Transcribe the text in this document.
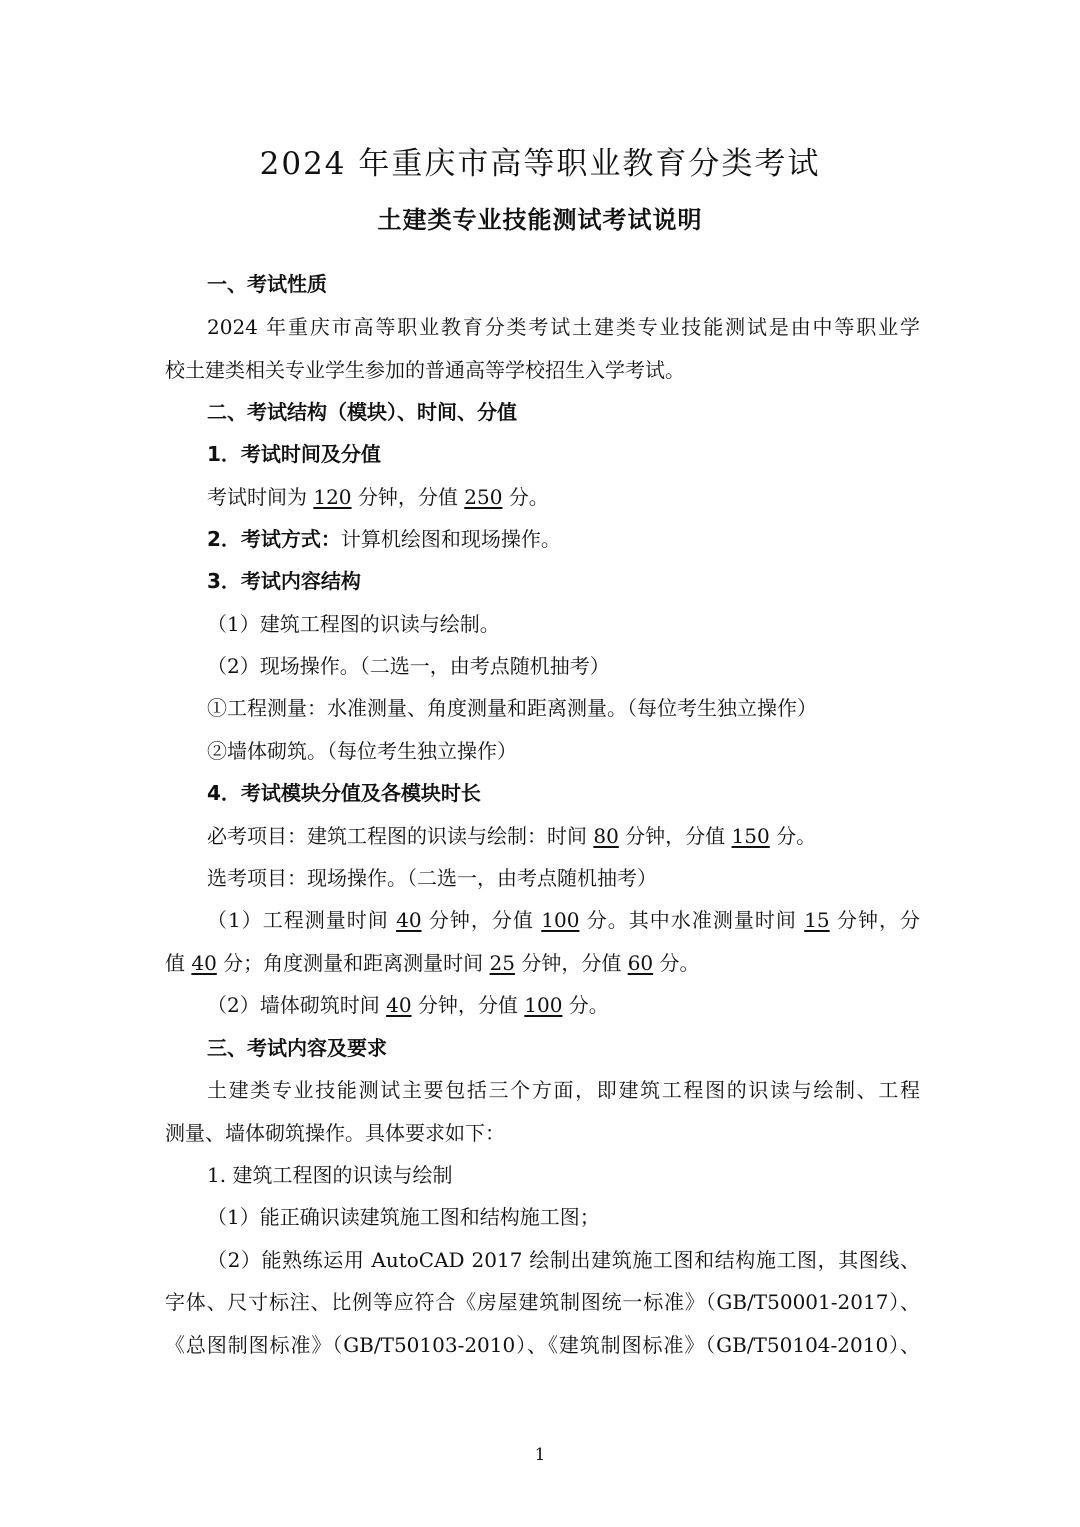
2024 年重庆市高等职业教育分类考试
土建类专业技能测试考试说明
一、考试性质
2024 年重庆市高等职业教育分类考试土建类专业技能测试是由中等职业学
校土建类相关专业学生参加的普通高等学校招生入学考试。
二、考试结构（模块）、时间、分值
1．考试时间及分值
考试时间为 120 分钟，分值 250 分。
2．考试方式：计算机绘图和现场操作。
3．考试内容结构
（1）建筑工程图的识读与绘制。
（2）现场操作。（二选一，由考点随机抽考）
①工程测量：水准测量、角度测量和距离测量。（每位考生独立操作）
②墙体砌筑。（每位考生独立操作）
4．考试模块分值及各模块时长
必考项目：建筑工程图的识读与绘制：时间 80 分钟，分值 150 分。
选考项目：现场操作。（二选一，由考点随机抽考）
（1）工程测量时间 40 分钟，分值 100 分。其中水准测量时间 15 分钟，分
值 40 分；角度测量和距离测量时间 25 分钟，分值 60 分。
（2）墙体砌筑时间 40 分钟，分值 100 分。
三、考试内容及要求
土建类专业技能测试主要包括三个方面，即建筑工程图的识读与绘制、工程
测量、墙体砌筑操作。具体要求如下：
1. 建筑工程图的识读与绘制
（1）能正确识读建筑施工图和结构施工图；
（2）能熟练运用 AutoCAD 2017 绘制出建筑施工图和结构施工图，其图线、
字体、尺寸标注、比例等应符合《房屋建筑制图统一标准》（GB/T50001-2017）、
《总图制图标准》（GB/T50103-2010）、《建筑制图标准》（GB/T50104-2010）、
1
